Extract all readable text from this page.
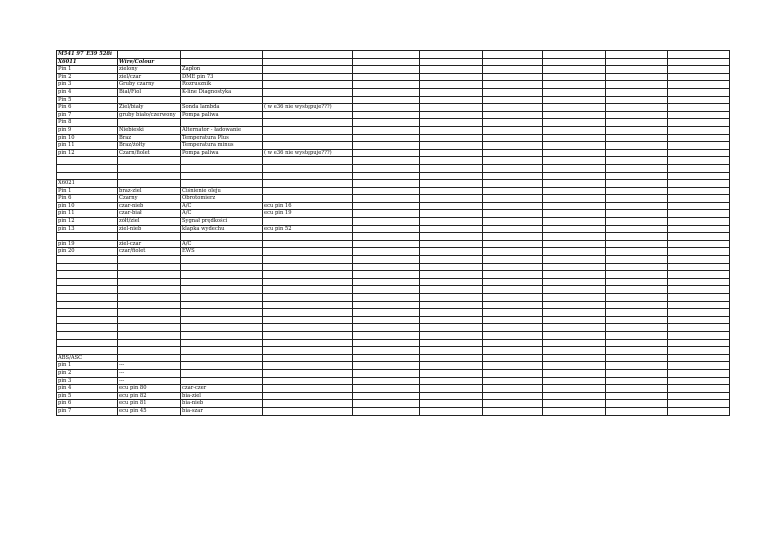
M541 97`E39 528i									
X6011	Wire/Colour								
Pin 1	zielony	Zapłon							
Pin 2	ziel/czar	DME pin 73							
pin 3	Gruby czarny	Rozrusznik							
pin 4	Biał/Fiol	K-line Diagnostyka							
Pin 5									
Pin 6	Ziel/biały	Sonda lambda	( w e36 nie występuje???)						
pin 7	gruby biało/czerwony	Pompa paliwa							
Pin 8									
pin 9	Niebieski	Alternator - ładowanie							
pin 10	Braz	Temperatura Plus							
pin 11	Braz/żółty	Temperatura minus							
pin 12	Czarn/fiolet	Pompa paliwa	( w e36 nie występuje???)						

X6021									
Pin 1	braz-ziel	Ciśnienie oleju							
Pin 6	Czarny	Obrotomierz							
pin 10	czar-nieb	A/C	ecu pin 16						
pin 11	czar-biał	A/C	ecu pin 19						
pin 12	zółt/ziel	Sygnał prędkości							
pin 13	ziel-nieb	klapka wydechu	ecu pin 52						

pin 19	ziel-czar	A/C							
pin 20	czar/fiolet	EWS							

ABS/ASC									
pin 1	---								
pin 2	---								
pin 3	---								
pin 4	ecu pin 80	czar-czer							
pin 5	ecu pin 82	bia-ziel							
pin 6	ecu pin 81	bia-nieb							
pin 7	ecu pin 45	bia-szar							
